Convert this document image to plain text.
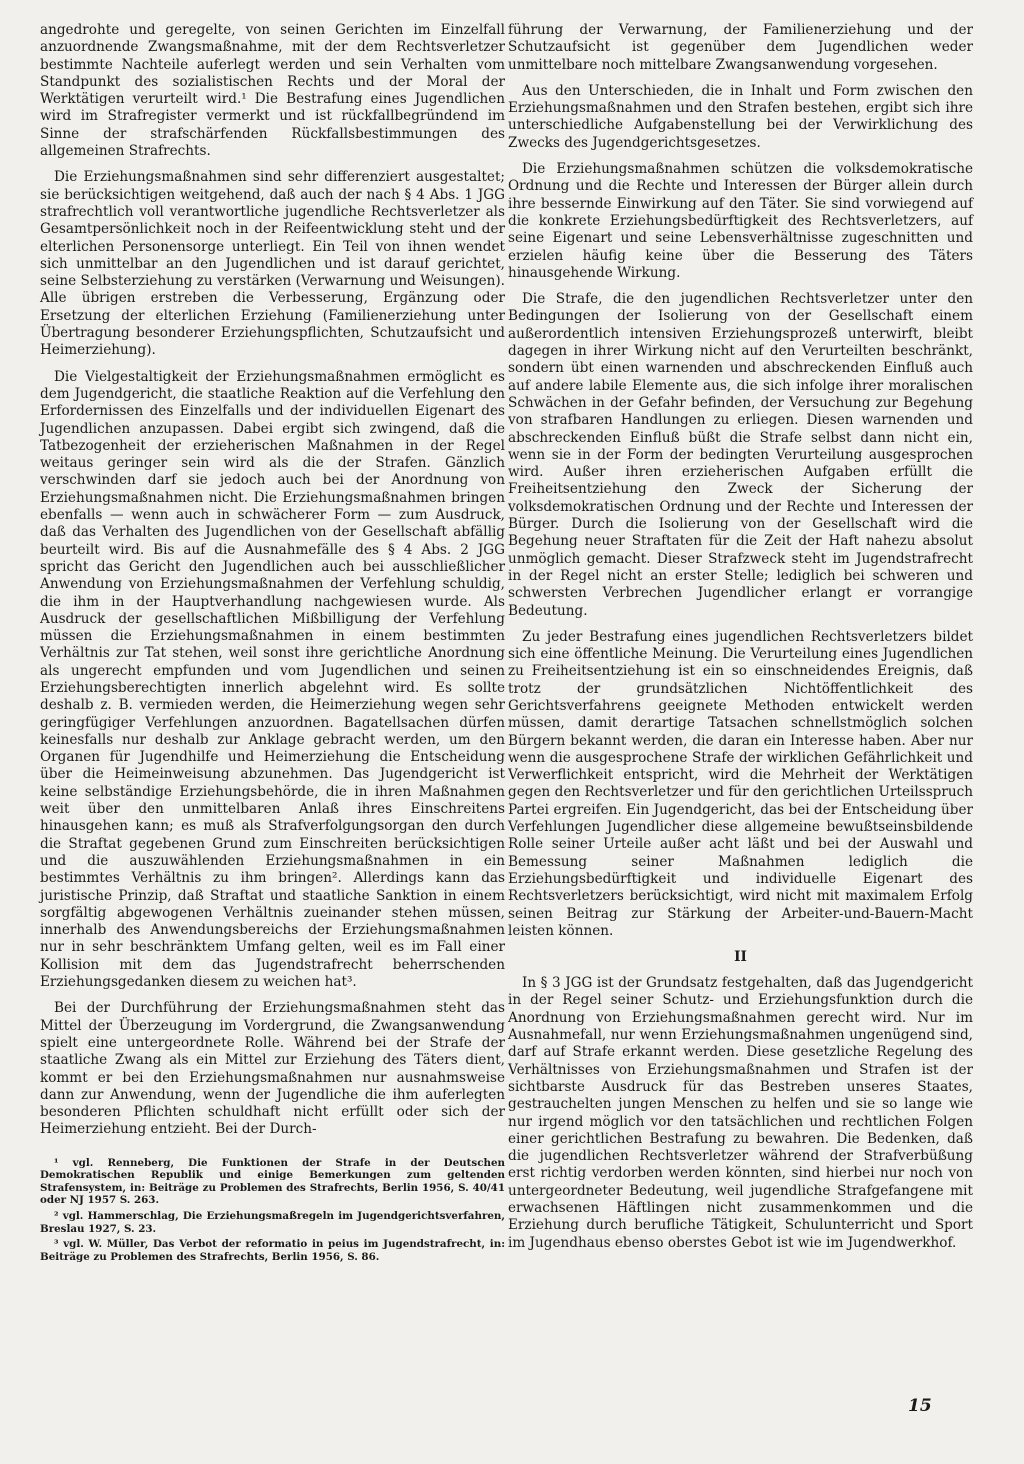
angedrohte und geregelte, von seinen Gerichten im Einzelfall anzuordnende Zwangsmaßnahme, mit der dem Rechtsverletzer bestimmte Nachteile auferlegt werden und sein Verhalten vom Standpunkt des sozialistischen Rechts und der Moral der Werktätigen verurteilt wird.¹ Die Bestrafung eines Jugendlichen wird im Strafregister vermerkt und ist rückfallbegründend im Sinne der strafschärfenden Rückfallsbestimmungen des allgemeinen Strafrechts.

Die Erziehungsmaßnahmen sind sehr differenziert ausgestaltet; sie berücksichtigen weitgehend, daß auch der nach § 4 Abs. 1 JGG strafrechtlich voll verantwortliche jugendliche Rechtsverletzer als Gesamtpersönlichkeit noch in der Reifeentwicklung steht und der elterlichen Personensorge unterliegt. Ein Teil von ihnen wendet sich unmittelbar an den Jugendlichen und ist darauf gerichtet, seine Selbsterziehung zu verstärken (Verwarnung und Weisungen). Alle übrigen erstreben die Verbesserung, Ergänzung oder Ersetzung der elterlichen Erziehung (Familienerziehung unter Übertragung besonderer Erziehungspflichten, Schutzaufsicht und Heimerziehung).

Die Vielgestaltigkeit der Erziehungsmaßnahmen ermöglicht es dem Jugendgericht, die staatliche Reaktion auf die Verfehlung den Erfordernissen des Einzelfalls und der individuellen Eigenart des Jugendlichen anzupassen. Dabei ergibt sich zwingend, daß die Tatbezogenheit der erzieherischen Maßnahmen in der Regel weitaus geringer sein wird als die der Strafen. Gänzlich verschwinden darf sie jedoch auch bei der Anordnung von Erziehungsmaßnahmen nicht. Die Erziehungsmaßnahmen bringen ebenfalls — wenn auch in schwächerer Form — zum Ausdruck, daß das Verhalten des Jugendlichen von der Gesellschaft abfällig beurteilt wird. Bis auf die Ausnahmefälle des § 4 Abs. 2 JGG spricht das Gericht den Jugendlichen auch bei ausschließlicher Anwendung von Erziehungsmaßnahmen der Verfehlung schuldig, die ihm in der Hauptverhandlung nachgewiesen wurde. Als Ausdruck der gesellschaftlichen Mißbilligung der Verfehlung müssen die Erziehungsmaßnahmen in einem bestimmten Verhältnis zur Tat stehen, weil sonst ihre gerichtliche Anordnung als ungerecht empfunden und vom Jugendlichen und seinen Erziehungsberechtigten innerlich abgelehnt wird. Es sollte deshalb z. B. vermieden werden, die Heimerziehung wegen sehr geringfügiger Verfehlungen anzuordnen. Bagatellsachen dürfen keinesfalls nur deshalb zur Anklage gebracht werden, um den Organen für Jugendhilfe und Heimerziehung die Entscheidung über die Heimeinweisung abzunehmen. Das Jugendgericht ist keine selbständige Erziehungsbehörde, die in ihren Maßnahmen weit über den unmittelbaren Anlaß ihres Einschreitens hinausgehen kann; es muß als Strafverfolgungsorgan den durch die Straftat gegebenen Grund zum Einschreiten berücksichtigen und die auszuwählenden Erziehungsmaßnahmen in ein bestimmtes Verhältnis zu ihm bringen². Allerdings kann das juristische Prinzip, daß Straftat und staatliche Sanktion in einem sorgfältig abgewogenen Verhältnis zueinander stehen müssen, innerhalb des Anwendungsbereichs der Erziehungsmaßnahmen nur in sehr beschränktem Umfang gelten, weil es im Fall einer Kollision mit dem das Jugendstrafrecht beherrschenden Erziehungsgedanken diesem zu weichen hat³.

Bei der Durchführung der Erziehungsmaßnahmen steht das Mittel der Überzeugung im Vordergrund, die Zwangsanwendung spielt eine untergeordnete Rolle. Während bei der Strafe der staatliche Zwang als ein Mittel zur Erziehung des Täters dient, kommt er bei den Erziehungsmaßnahmen nur ausnahmsweise dann zur Anwendung, wenn der Jugendliche die ihm auferlegten besonderen Pflichten schuldhaft nicht erfüllt oder sich der Heimerziehung entzieht. Bei der Durch-

¹ vgl. Renneberg, Die Funktionen der Strafe in der Deutschen Demokratischen Republik und einige Bemerkungen zum geltenden Strafensystem, in: Beiträge zu Problemen des Strafrechts, Berlin 1956, S. 40/41 oder NJ 1957 S. 263.

² vgl. Hammerschlag, Die Erziehungsmaßregeln im Jugendgerichtsverfahren, Breslau 1927, S. 23.

³ vgl. W. Müller, Das Verbot der reformatio in peius im Jugendstrafrecht, in: Beiträge zu Problemen des Strafrechts, Berlin 1956, S. 86.

führung der Verwarnung, der Familienerziehung und der Schutzaufsicht ist gegenüber dem Jugendlichen weder unmittelbare noch mittelbare Zwangsanwendung vorgesehen.

Aus den Unterschieden, die in Inhalt und Form zwischen den Erziehungsmaßnahmen und den Strafen bestehen, ergibt sich ihre unterschiedliche Aufgabenstellung bei der Verwirklichung des Zwecks des Jugendgerichtsgesetzes.

Die Erziehungsmaßnahmen schützen die volksdemokratische Ordnung und die Rechte und Interessen der Bürger allein durch ihre bessernde Einwirkung auf den Täter. Sie sind vorwiegend auf die konkrete Erziehungsbedürftigkeit des Rechtsverletzers, auf seine Eigenart und seine Lebensverhältnisse zugeschnitten und erzielen häufig keine über die Besserung des Täters hinausgehende Wirkung.

Die Strafe, die den jugendlichen Rechtsverletzer unter den Bedingungen der Isolierung von der Gesellschaft einem außerordentlich intensiven Erziehungsprozeß unterwirft, bleibt dagegen in ihrer Wirkung nicht auf den Verurteilten beschränkt, sondern übt einen warnenden und abschreckenden Einfluß auch auf andere labile Elemente aus, die sich infolge ihrer moralischen Schwächen in der Gefahr befinden, der Versuchung zur Begehung von strafbaren Handlungen zu erliegen. Diesen warnenden und abschreckenden Einfluß büßt die Strafe selbst dann nicht ein, wenn sie in der Form der bedingten Verurteilung ausgesprochen wird. Außer ihren erzieherischen Aufgaben erfüllt die Freiheitsentziehung den Zweck der Sicherung der volksdemokratischen Ordnung und der Rechte und Interessen der Bürger. Durch die Isolierung von der Gesellschaft wird die Begehung neuer Straftaten für die Zeit der Haft nahezu absolut unmöglich gemacht. Dieser Strafzweck steht im Jugendstrafrecht in der Regel nicht an erster Stelle; lediglich bei schweren und schwersten Verbrechen Jugendlicher erlangt er vorrangige Bedeutung.

Zu jeder Bestrafung eines jugendlichen Rechtsverletzers bildet sich eine öffentliche Meinung. Die Verurteilung eines Jugendlichen zu Freiheitsentziehung ist ein so einschneidendes Ereignis, daß trotz der grundsätzlichen Nichtöffentlichkeit des Gerichtsverfahrens geeignete Methoden entwickelt werden müssen, damit derartige Tatsachen schnellstmöglich solchen Bürgern bekannt werden, die daran ein Interesse haben. Aber nur wenn die ausgesprochene Strafe der wirklichen Gefährlichkeit und Verwerflichkeit entspricht, wird die Mehrheit der Werktätigen gegen den Rechtsverletzer und für den gerichtlichen Urteilsspruch Partei ergreifen. Ein Jugendgericht, das bei der Entscheidung über Verfehlungen Jugendlicher diese allgemeine bewußtseinsbildende Rolle seiner Urteile außer acht läßt und bei der Auswahl und Bemessung seiner Maßnahmen lediglich die Erziehungsbedürftigkeit und individuelle Eigenart des Rechtsverletzers berücksichtigt, wird nicht mit maximalem Erfolg seinen Beitrag zur Stärkung der Arbeiter-und-Bauern-Macht leisten können.

II

In § 3 JGG ist der Grundsatz festgehalten, daß das Jugendgericht in der Regel seiner Schutz- und Erziehungsfunktion durch die Anordnung von Erziehungsmaßnahmen gerecht wird. Nur im Ausnahmefall, nur wenn Erziehungsmaßnahmen ungenügend sind, darf auf Strafe erkannt werden. Diese gesetzliche Regelung des Verhältnisses von Erziehungsmaßnahmen und Strafen ist der sichtbarste Ausdruck für das Bestreben unseres Staates, gestrauchelten jungen Menschen zu helfen und sie so lange wie nur irgend möglich vor den tatsächlichen und rechtlichen Folgen einer gerichtlichen Bestrafung zu bewahren. Die Bedenken, daß die jugendlichen Rechtsverletzer während der Strafverbüßung erst richtig verdorben werden könnten, sind hierbei nur noch von untergeordneter Bedeutung, weil jugendliche Strafgefangene mit erwachsenen Häftlingen nicht zusammenkommen und die Erziehung durch berufliche Tätigkeit, Schulunterricht und Sport im Jugendhaus ebenso oberstes Gebot ist wie im Jugendwerkhof.

15
